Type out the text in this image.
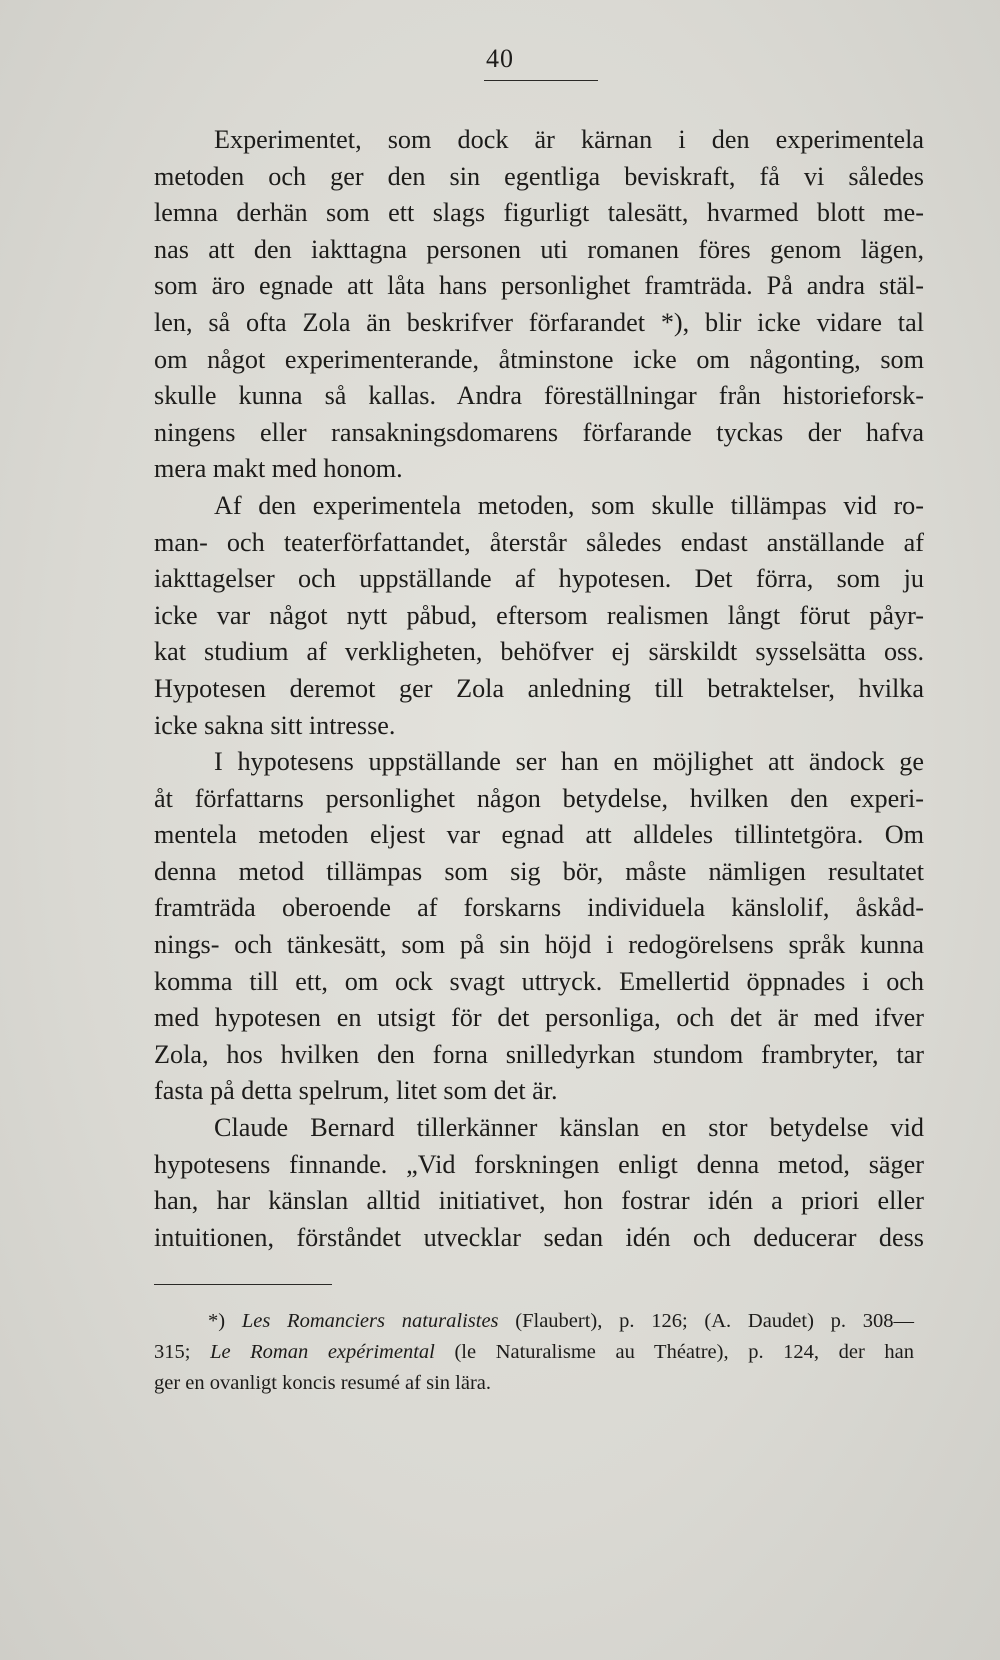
40
Experimentet, som dock är kärnan i den experimentela
metoden och ger den sin egentliga beviskraft, få vi således
lemna derhän som ett slags figurligt talesätt, hvarmed blott me-
nas att den iakttagna personen uti romanen föres genom lägen,
som äro egnade att låta hans personlighet framträda. På andra stäl-
len, så ofta Zola än beskrifver förfarandet *), blir icke vidare tal
om något experimenterande, åtminstone icke om någonting, som
skulle kunna så kallas. Andra föreställningar från historieforsk-
ningens eller ransakningsdomarens förfarande tyckas der hafva
mera makt med honom.
Af den experimentela metoden, som skulle tillämpas vid ro-
man- och teaterförfattandet, återstår således endast anställande af
iakttagelser och uppställande af hypotesen. Det förra, som ju
icke var något nytt påbud, eftersom realismen långt förut påyr-
kat studium af verkligheten, behöfver ej särskildt sysselsätta oss.
Hypotesen deremot ger Zola anledning till betraktelser, hvilka
icke sakna sitt intresse.
I hypotesens uppställande ser han en möjlighet att ändock ge
åt författarns personlighet någon betydelse, hvilken den experi-
mentela metoden eljest var egnad att alldeles tillintetgöra. Om
denna metod tillämpas som sig bör, måste nämligen resultatet
framträda oberoende af forskarns individuela känslolif, åskåd-
nings- och tänkesätt, som på sin höjd i redogörelsens språk kunna
komma till ett, om ock svagt uttryck. Emellertid öppnades i och
med hypotesen en utsigt för det personliga, och det är med ifver
Zola, hos hvilken den forna snilledyrkan stundom frambryter, tar
fasta på detta spelrum, litet som det är.
Claude Bernard tillerkänner känslan en stor betydelse vid
hypotesens finnande. „Vid forskningen enligt denna metod, säger
han, har känslan alltid initiativet, hon fostrar idén a priori eller
intuitionen, förståndet utvecklar sedan idén och deducerar dess
*) Les Romanciers naturalistes (Flaubert), p. 126; (A. Daudet) p. 308—
315; Le Roman expérimental (le Naturalisme au Théatre), p. 124, der han
ger en ovanligt koncis resumé af sin lära.
